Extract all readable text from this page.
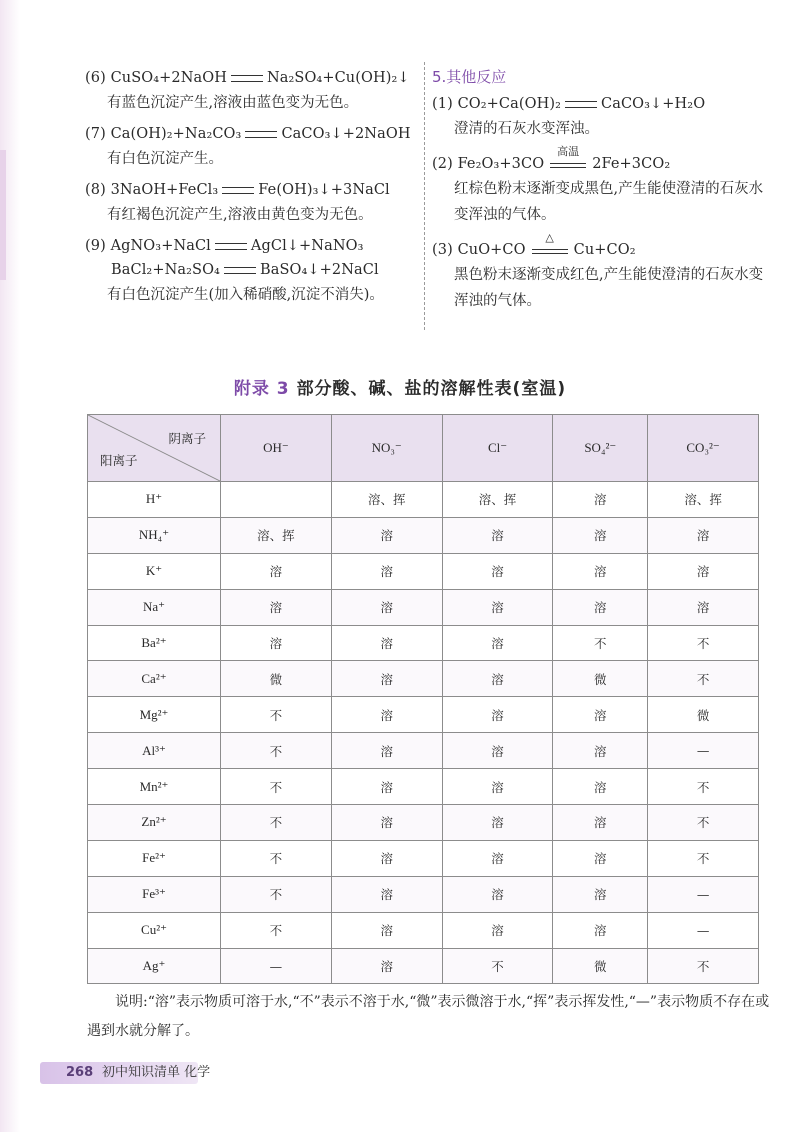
(6) CuSO₄+2NaOH	Na₂SO₄+Cu(OH)₂↓
有蓝色沉淀产生,溶液由蓝色变为无色。
(7) Ca(OH)₂+Na₂CO₃	CaCO₃↓+2NaOH
有白色沉淀产生。
(8) 3NaOH+FeCl₃	Fe(OH)₃↓+3NaCl
有红褐色沉淀产生,溶液由黄色变为无色。
(9) AgNO₃+NaCl	AgCl↓+NaNO₃
BaCl₂+Na₂SO₄	BaSO₄↓+2NaCl
有白色沉淀产生(加入稀硝酸,沉淀不消失)。
5.其他反应
(1) CO₂+Ca(OH)₂	CaCO₃↓+H₂O
澄清的石灰水变浑浊。
(2) Fe₂O₃+3CO
高温
2Fe+3CO₂
红棕色粉末逐渐变成黑色,产生能使澄清的石灰水变浑浊的气体。
(3) CuO+CO
△
Cu+CO₂
黑色粉末逐渐变成红色,产生能使澄清的石灰水变浑浊的气体。
附录 3 部分酸、碱、盐的溶解性表(室温)
阴离子
阳离子	OH⁻	NO₃⁻	Cl⁻	SO₄²⁻	CO₃²⁻
H⁺		溶、挥	溶、挥	溶	溶、挥
NH₄⁺	溶、挥	溶	溶	溶	溶
K⁺	溶	溶	溶	溶	溶
Na⁺	溶	溶	溶	溶	溶
Ba²⁺	溶	溶	溶	不	不
Ca²⁺	微	溶	溶	微	不
Mg²⁺	不	溶	溶	溶	微
Al³⁺	不	溶	溶	溶	—
Mn²⁺	不	溶	溶	溶	不
Zn²⁺	不	溶	溶	溶	不
Fe²⁺	不	溶	溶	溶	不
Fe³⁺	不	溶	溶	溶	—
Cu²⁺	不	溶	溶	溶	—
Ag⁺	—	溶	不	微	不
说明:“溶”表示物质可溶于水,“不”表示不溶于水,“微”表示微溶于水,“挥”表示挥发性,“—”表示物质不存在或遇到水就分解了。
268 初中知识清单 化学
